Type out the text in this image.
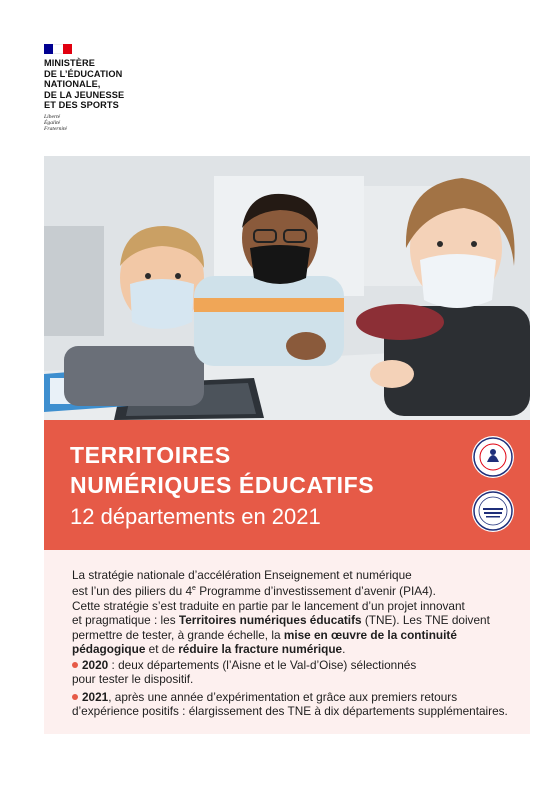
MINISTÈRE
DE L’ÉDUCATION
NATIONALE,
DE LA JEUNESSE
ET DES SPORTS
Liberté
Égalité
Fraternité
TERRITOIRES
NUMÉRIQUES ÉDUCATIFS
12 départements en 2021
La stratégie nationale d’accélération Enseignement et numérique
est l’un des piliers du 4e Programme d’investissement d’avenir (PIA4).
Cette stratégie s’est traduite en partie par le lancement d’un projet innovant
et pragmatique : les Territoires numériques éducatifs (TNE). Les TNE doivent
permettre de tester, à grande échelle, la mise en œuvre de la continuité
pédagogique et de réduire la fracture numérique.
2020 : deux départements (l’Aisne et le Val-d’Oise) sélectionnés
pour tester le dispositif.
2021, après une année d’expérimentation et grâce aux premiers retours
d’expérience positifs : élargissement des TNE à dix départements supplémentaires.
